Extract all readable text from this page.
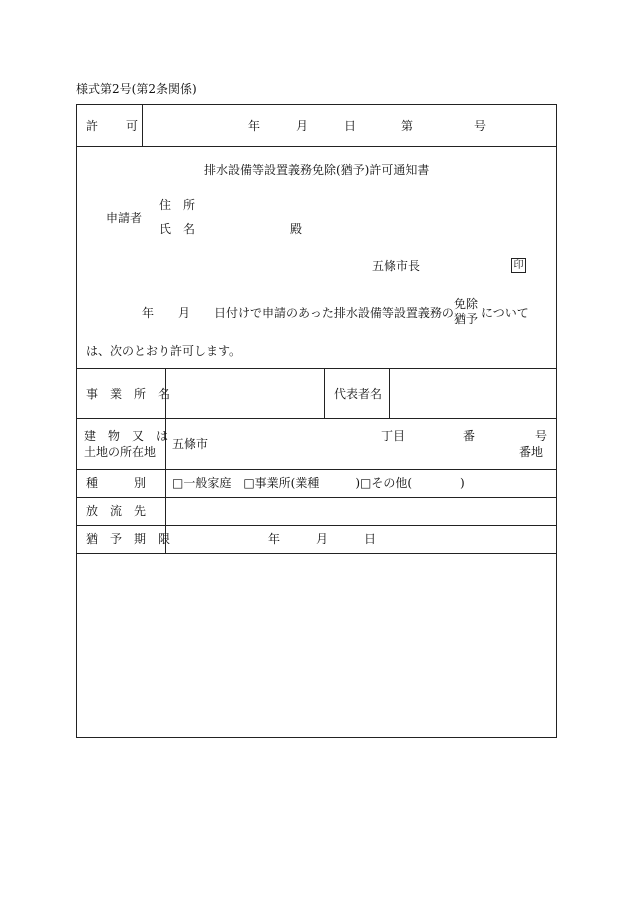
様式第2号(第2条関係)
許　可	年	月	日	第	号
排水設備等設置義務免除(猶予)許可通知書
申請者
住　所
氏　名	殿
五條市長	印
年 月 日付けで申請のあった排水設備等設置義務の
免除
猶予 について
は、次のとおり許可します。
事　業　所　名	代表者名
建　物　又　は
土地の所在地
五條市
丁目	番	号
番地
種　　　別 □一般家庭　□事業所(業種　　　)□その他(　　　　)
放　流　先
猶　予　期　限	年	月	日
